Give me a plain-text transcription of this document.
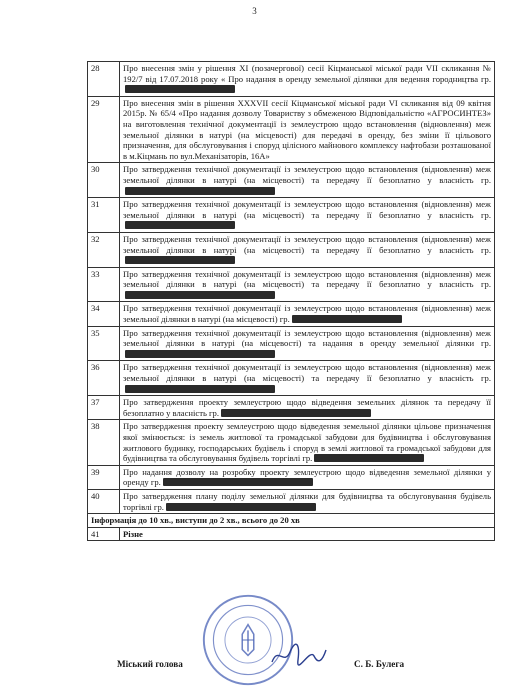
3
28	Про внесення змін у рішення XI (позачергової) сесії Кіцманської міської ради VII скликання № 192/7 від 17.07.2018 року « Про надання в оренду земельної ділянки для ведення городництва гр.
29	Про внесення змін в рішення XXXVII сесії Кіцманської міської ради VI скликання від 09 квітня 2015р. № 65/4 «Про надання дозволу Товариству з обмеженою Відповідальністю «АГРОСИНТЕЗ» на виготовлення технічної документації із землеустрою щодо встановлення (відновлення) меж земельної ділянки в натурі (на місцевості) для передачі в оренду, без зміни її цільового призначення, для обслуговування і споруд цілісного майнового комплексу нафтобази розташованої в м.Кіцмань по вул.Механізаторів, 16А»
30	Про затвердження технічної документації із землеустрою щодо встановлення (відновлення) меж земельної ділянки в натурі (на місцевості) та передачу її безоплатно у власність гр.
31	Про затвердження технічної документації із землеустрою щодо встановлення (відновлення) меж земельної ділянки в натурі (на місцевості) та передачу її безоплатно у власність гр.
32	Про затвердження технічної документації із землеустрою щодо встановлення (відновлення) меж земельної ділянки в натурі (на місцевості) та передачу її безоплатно у власність гр.
33	Про затвердження технічної документації із землеустрою щодо встановлення (відновлення) меж земельної ділянки в натурі (на місцевості) та передачу її безоплатно у власність гр.
34	Про затвердження технічної документації із землеустрою щодо встановлення (відновлення) меж земельної ділянки в натурі (на місцевості) гр.
35	Про затвердження технічної документації із землеустрою щодо встановлення (відновлення) меж земельної ділянки в натурі (на місцевості) та надання в оренду земельної ділянки гр.
36	Про затвердження технічної документації із землеустрою щодо встановлення (відновлення) меж земельної ділянки в натурі (на місцевості) та передачу її безоплатно у власність гр.
37	Про затвердження проекту землеустрою щодо відведення земельних ділянок та передачу її безоплатно у власність гр.
38	Про затвердження проекту землеустрою щодо відведення земельної ділянки цільове призначення якої змінюється: із земель житлової та громадської забудови для будівництва і обслуговування житлового будинку, господарських будівель і споруд в землі житлової та громадської забудови для будівництва та обслуговування будівель торгівлі гр.
39	Про надання дозволу на розробку проекту землеустрою щодо відведення земельної ділянки у оренду гр.
40	Про затвердження плану поділу земельної ділянки для будівництва та обслуговування будівель торгівлі гр.
Інформація до 10 хв., виступи до 2 хв., всього до 20 хв	
41	Різне
Міський голова	С. Б. Булега
